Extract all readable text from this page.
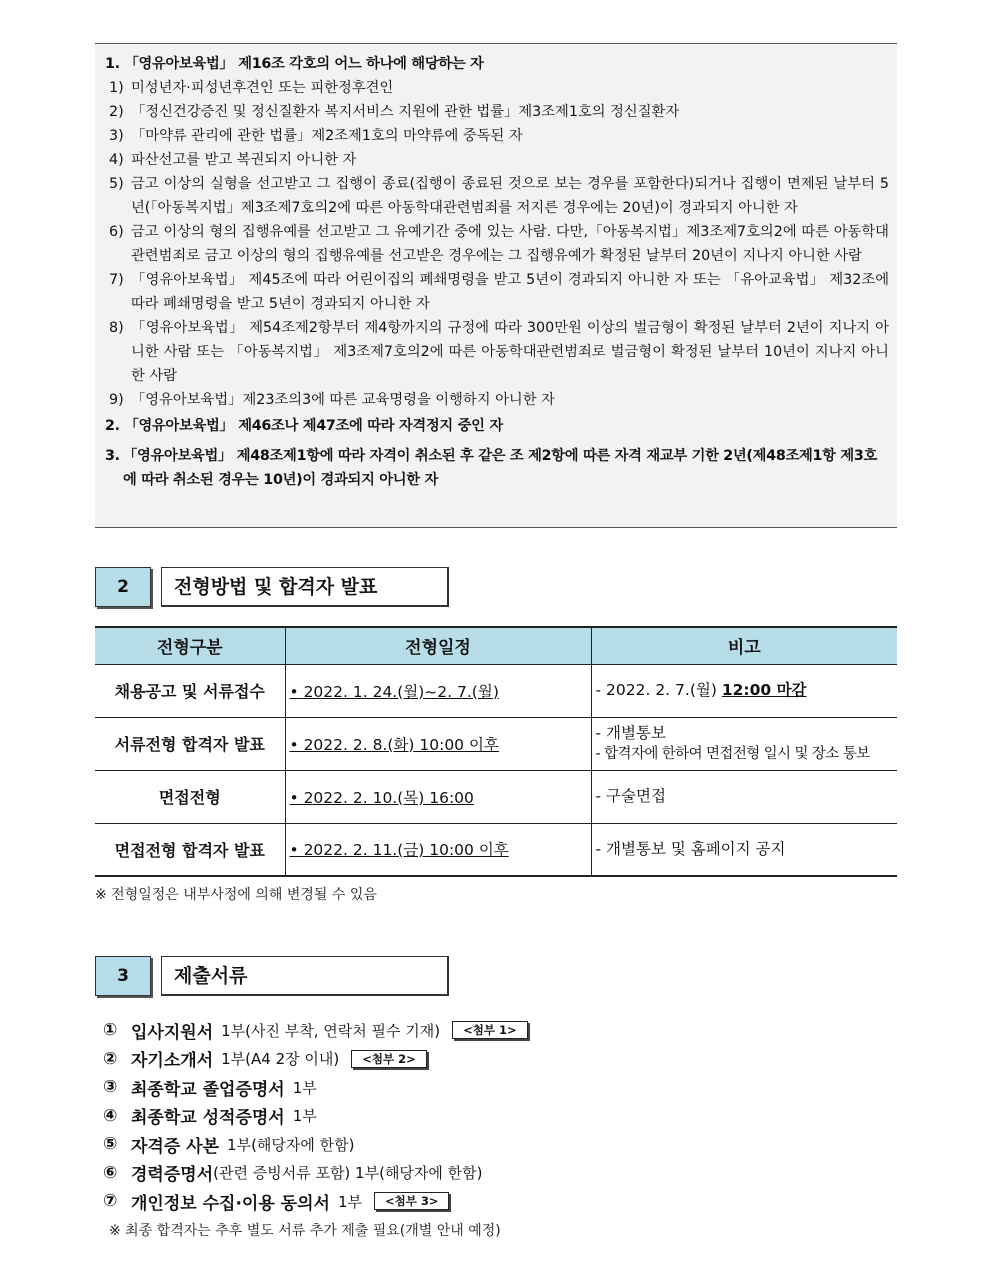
1. 「영유아보육법」 제16조 각호의 어느 하나에 해당하는 자
1) 미성년자·피성년후견인 또는 피한정후견인
2) 「정신건강증진 및 정신질환자 복지서비스 지원에 관한 법률」제3조제1호의 정신질환자
3) 「마약류 관리에 관한 법률」제2조제1호의 마약류에 중독된 자
4) 파산선고를 받고 복권되지 아니한 자
5) 금고 이상의 실형을 선고받고 그 집행이 종료(집행이 종료된 것으로 보는 경우를 포함한다)되거나 집행이 면제된 날부터 5년(「아동복지법」제3조제7호의2에 따른 아동학대관련범죄를 저지른 경우에는 20년)이 경과되지 아니한 자
6) 금고 이상의 형의 집행유예를 선고받고 그 유예기간 중에 있는 사람. 다만,「아동복지법」제3조제7호의2에 따른 아동학대관련범죄로 금고 이상의 형의 집행유예를 선고받은 경우에는 그 집행유예가 확정된 날부터 20년이 지나지 아니한 사람
7) 「영유아보육법」 제45조에 따라 어린이집의 폐쇄명령을 받고 5년이 경과되지 아니한 자 또는 「유아교육법」 제32조에 따라 폐쇄명령을 받고 5년이 경과되지 아니한 자
8) 「영유아보육법」 제54조제2항부터 제4항까지의 규정에 따라 300만원 이상의 벌금형이 확정된 날부터 2년이 지나지 아니한 사람 또는 「아동복지법」 제3조제7호의2에 따른 아동학대관련범죄로 벌금형이 확정된 날부터 10년이 지나지 아니한 사람
9) 「영유아보육법」제23조의3에 따른 교육명령을 이행하지 아니한 자
2. 「영유아보육법」 제46조나 제47조에 따라 자격정지 중인 자
3. 「영유아보육법」 제48조제1항에 따라 자격이 취소된 후 같은 조 제2항에 따른 자격 재교부 기한 2년(제48조제1항 제3호에 따라 취소된 경우는 10년)이 경과되지 아니한 자
2	전형방법 및 합격자 발표
전형구분	전형일정	비고
채용공고 및 서류접수	• 2022. 1. 24.(월)~2. 7.(월)	- 2022. 2. 7.(월) 12:00 마감
서류전형 합격자 발표	• 2022. 2. 8.(화) 10:00 이후	- 개별통보
- 합격자에 한하여 면접전형 일시 및 장소 통보

면접전형	• 2022. 2. 10.(목) 16:00	- 구술면접
면접전형 합격자 발표	• 2022. 2. 11.(금) 10:00 이후	- 개별통보 및 홈페이지 공지
※ 전형일정은 내부사정에 의해 변경될 수 있음
3	제출서류
① 입사지원서 1부(사진 부착, 연락처 필수 기재)	<첨부 1>
② 자기소개서 1부(A4 2장 이내)	<첨부 2>
③ 최종학교 졸업증명서 1부
④ 최종학교 성적증명서 1부
⑤ 자격증 사본 1부(해당자에 한함)
⑥ 경력증명서 (관련 증빙서류 포함) 1부(해당자에 한함)
⑦ 개인정보 수집·이용 동의서 1부	<첨부 3>
※ 최종 합격자는 추후 별도 서류 추가 제출 필요(개별 안내 예정)
